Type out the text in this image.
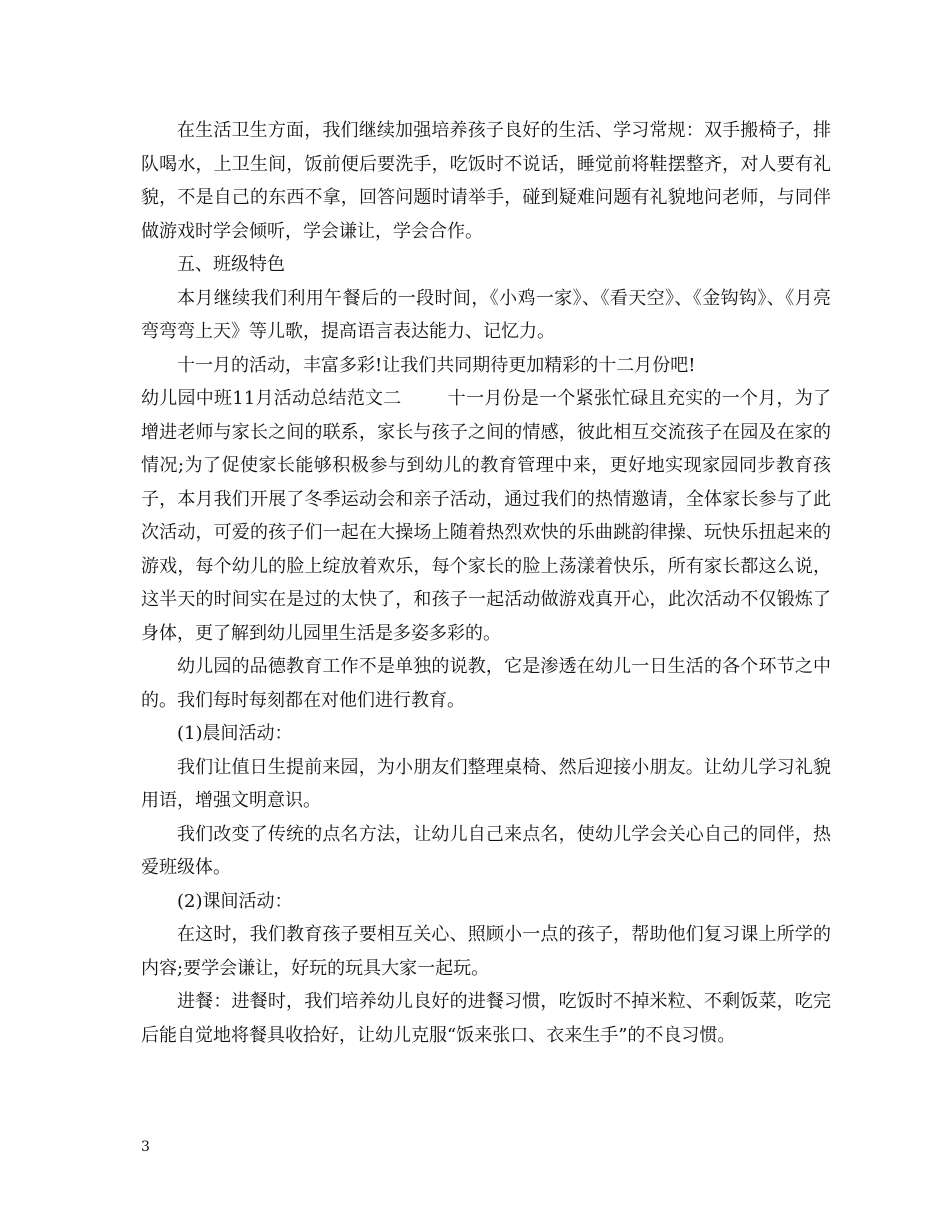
在生活卫生方面，我们继续加强培养孩子良好的生活、学习常规：双手搬椅子，排队喝水，上卫生间，饭前便后要洗手，吃饭时不说话，睡觉前将鞋摆整齐，对人要有礼貌，不是自己的东西不拿，回答问题时请举手，碰到疑难问题有礼貌地问老师，与同伴做游戏时学会倾听，学会谦让，学会合作。

五、班级特色

本月继续我们利用午餐后的一段时间，《小鸡一家》、《看天空》、《金钩钩》、《月亮弯弯弯上天》等儿歌，提高语言表达能力、记忆力。

十一月的活动，丰富多彩!让我们共同期待更加精彩的十二月份吧!

幼儿园中班11月活动总结范文二	十一月份是一个紧张忙碌且充实的一个月，为了增进老师与家长之间的联系，家长与孩子之间的情感，彼此相互交流孩子在园及在家的情况;为了促使家长能够积极参与到幼儿的教育管理中来，更好地实现家园同步教育孩子，本月我们开展了冬季运动会和亲子活动，通过我们的热情邀请，全体家长参与了此次活动，可爱的孩子们一起在大操场上随着热烈欢快的乐曲跳韵律操、玩快乐扭起来的游戏，每个幼儿的脸上绽放着欢乐，每个家长的脸上荡漾着快乐，所有家长都这么说，这半天的时间实在是过的太快了，和孩子一起活动做游戏真开心，此次活动不仅锻炼了身体，更了解到幼儿园里生活是多姿多彩的。

幼儿园的品德教育工作不是单独的说教，它是渗透在幼儿一日生活的各个环节之中的。我们每时每刻都在对他们进行教育。

(1)晨间活动：

我们让值日生提前来园，为小朋友们整理桌椅、然后迎接小朋友。让幼儿学习礼貌用语，增强文明意识。

我们改变了传统的点名方法，让幼儿自己来点名，使幼儿学会关心自己的同伴，热爱班级体。

(2)课间活动：

在这时，我们教育孩子要相互关心、照顾小一点的孩子，帮助他们复习课上所学的内容;要学会谦让，好玩的玩具大家一起玩。

进餐：进餐时，我们培养幼儿良好的进餐习惯，吃饭时不掉米粒、不剩饭菜，吃完后能自觉地将餐具收拾好，让幼儿克服“饭来张口、衣来生手”的不良习惯。

3
